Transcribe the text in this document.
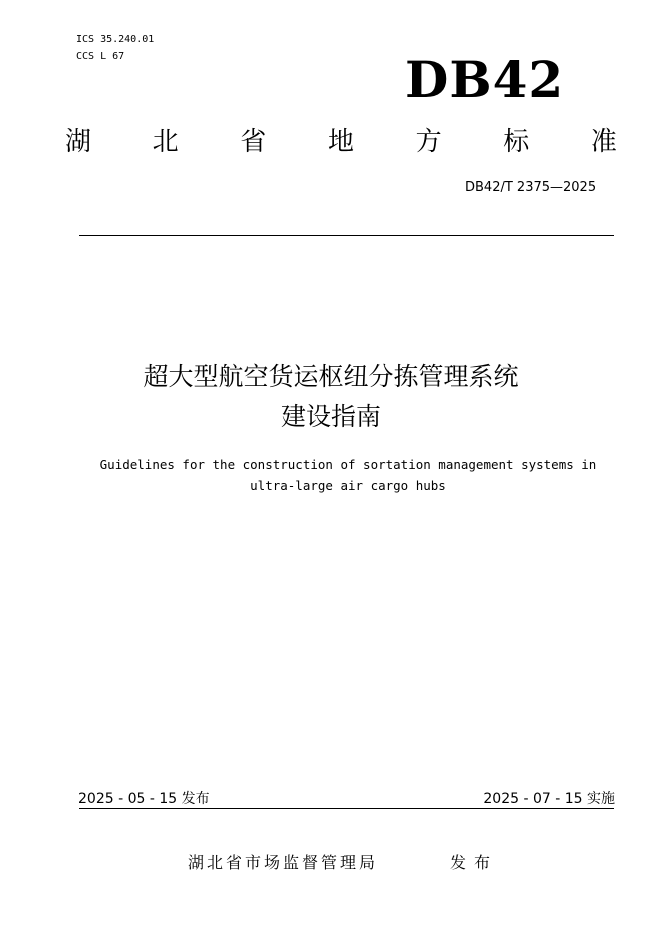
ICS 35.240.01
CCS L 67	DB42
湖 北 省 地 方 标 准
DB42/T 2375—2025
超大型航空货运枢纽分拣管理系统
建设指南
Guidelines for the construction of sortation management systems in
ultra-large air cargo hubs
2025 - 05 - 15 发布	2025 - 07 - 15 实施
湖北省市场监督管理局	发布
